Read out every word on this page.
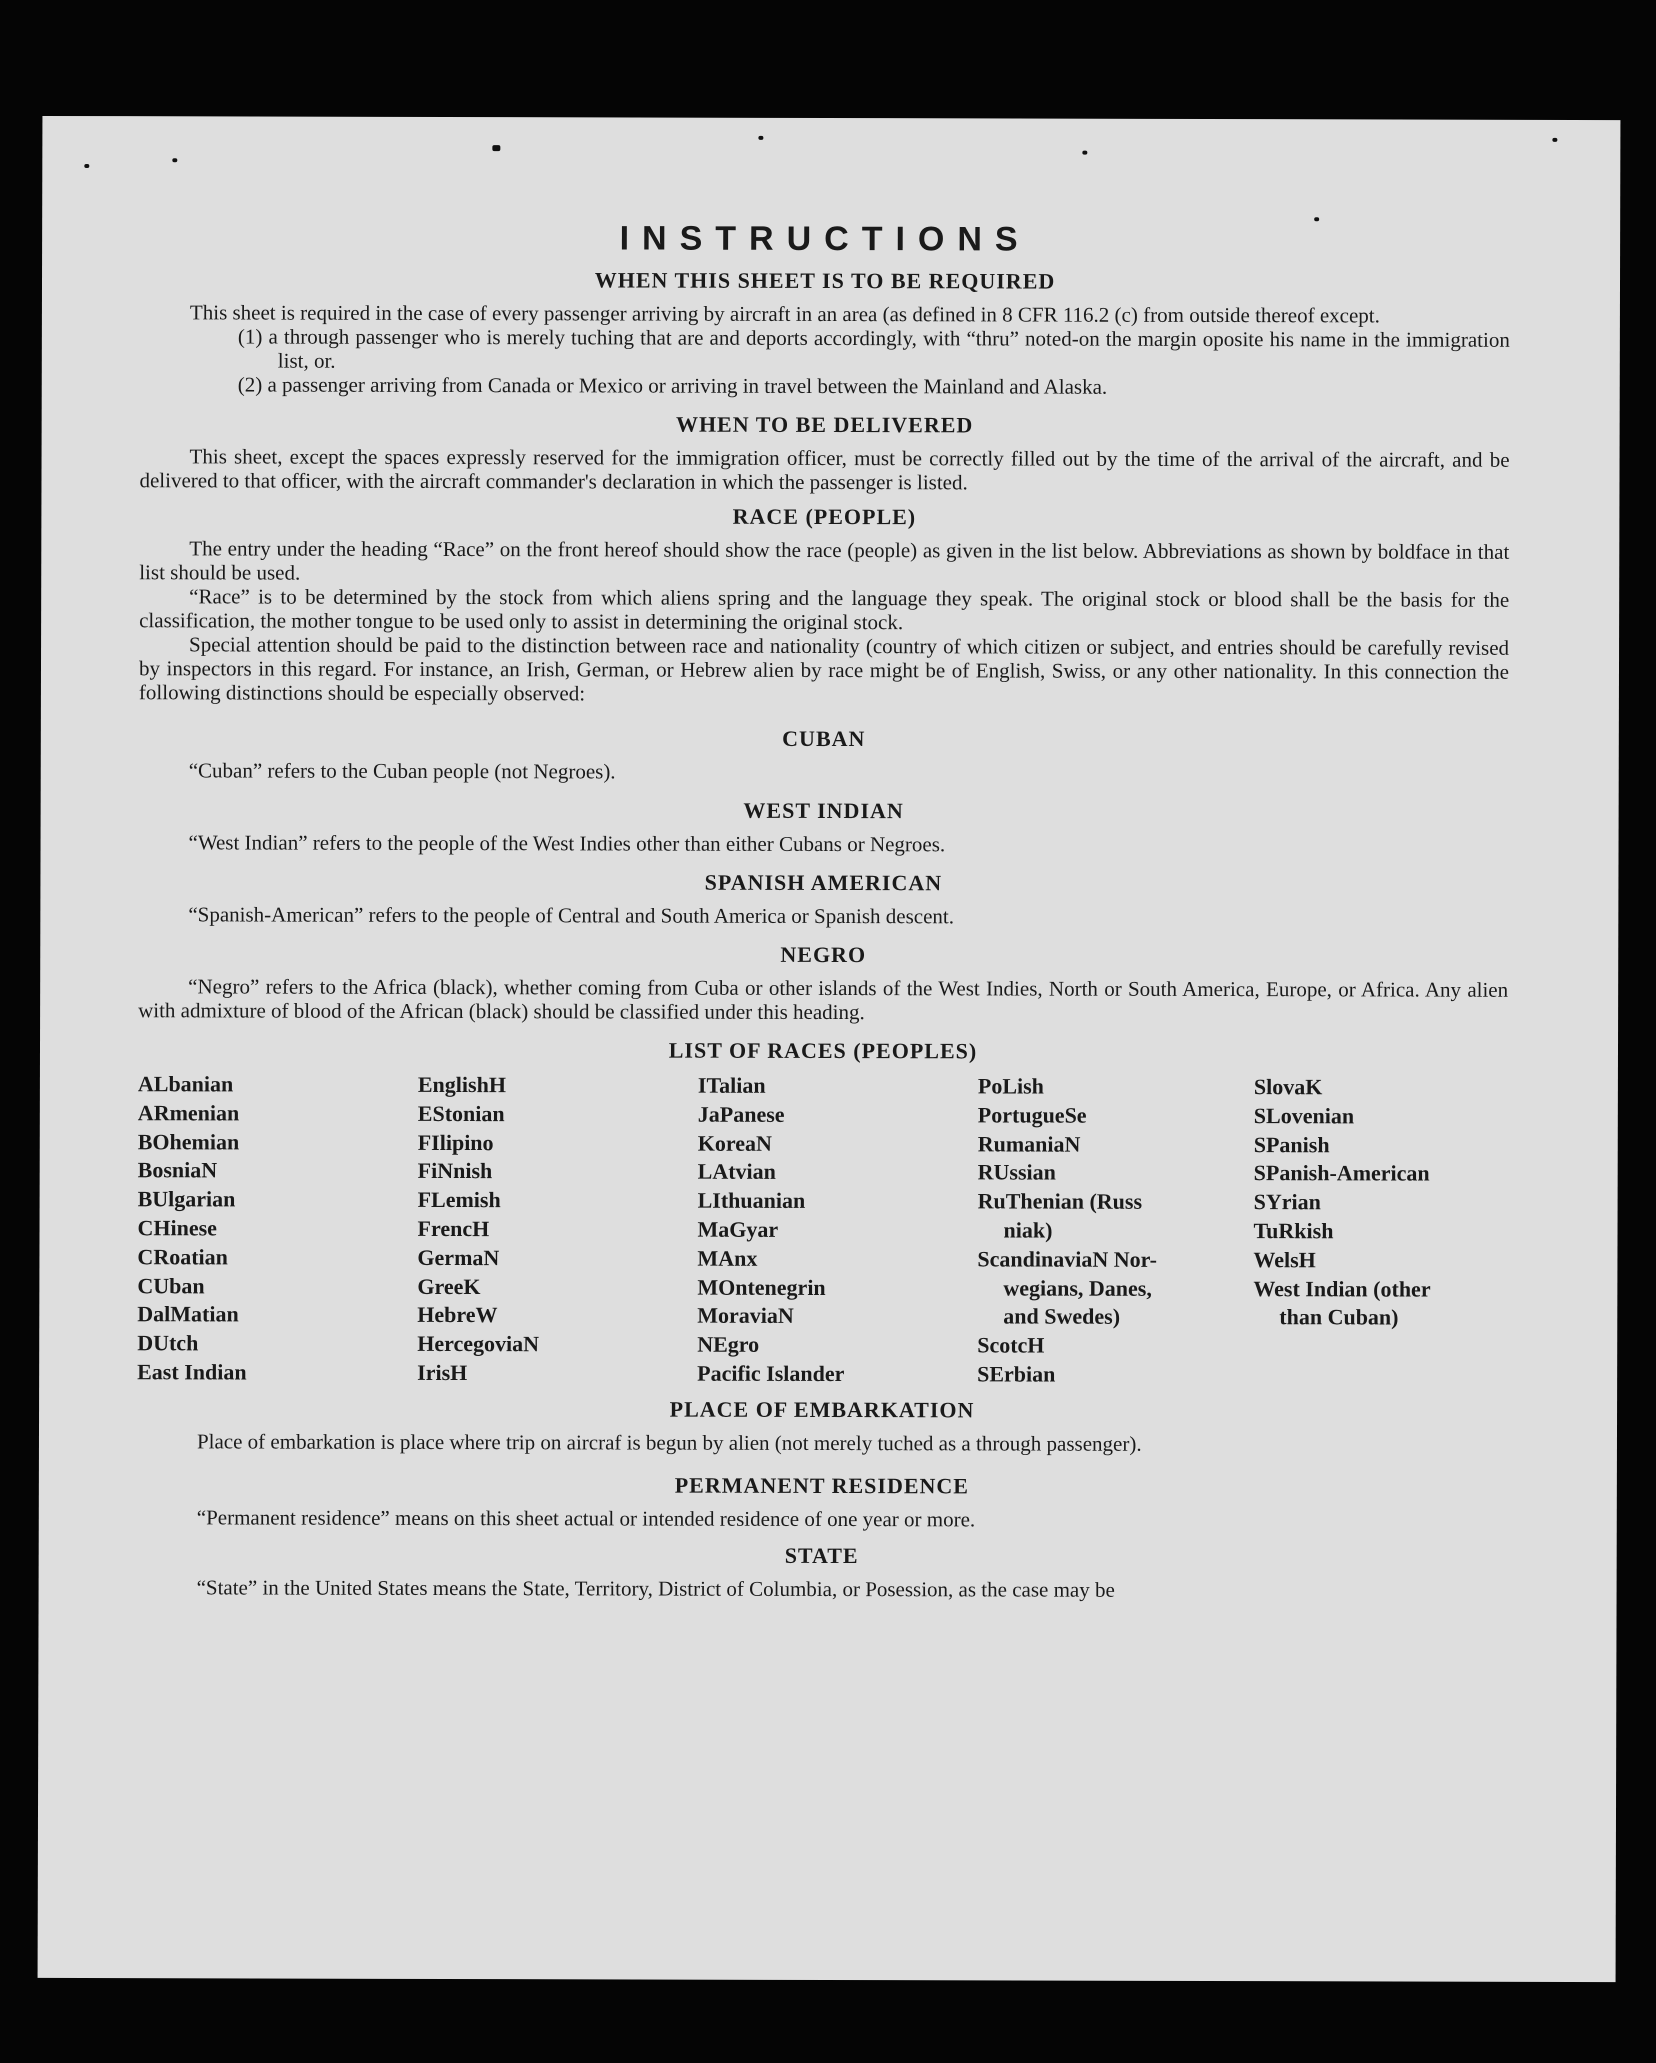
INSTRUCTIONS
WHEN THIS SHEET IS TO BE REQUIRED

This sheet is required in the case of every passenger arriving by aircraft in an area (as defined in 8 CFR 116.2 (c) from outside thereof except.

(1) a through passenger who is merely tuching that are and deports accordingly, with “thru” noted-on the margin oposite his name in the immigration list, or.

(2) a passenger arriving from Canada or Mexico or arriving in travel between the Mainland and Alaska.

WHEN TO BE DELIVERED

This sheet, except the spaces expressly reserved for the immigration officer, must be correctly filled out by the time of the arrival of the aircraft, and be delivered to that officer, with the aircraft commander's declaration in which the passenger is listed.

RACE (PEOPLE)

The entry under the heading “Race” on the front hereof should show the race (people) as given in the list below. Abbreviations as shown by boldface in that list should be used.

“Race” is to be determined by the stock from which aliens spring and the language they speak. The original stock or blood shall be the basis for the classification, the mother tongue to be used only to assist in determining the original stock.

Special attention should be paid to the distinction between race and nationality (country of which citizen or subject, and entries should be carefully revised by inspectors in this regard. For instance, an Irish, German, or Hebrew alien by race might be of English, Swiss, or any other nationality. In this connection the following distinctions should be especially observed:

CUBAN

“Cuban” refers to the Cuban people (not Negroes).

WEST INDIAN

“West Indian” refers to the people of the West Indies other than either Cubans or Negroes.

SPANISH AMERICAN

“Spanish-American” refers to the people of Central and South America or Spanish descent.

NEGRO

“Negro” refers to the Africa (black), whether coming from Cuba or other islands of the West Indies, North or South America, Europe, or Africa. Any alien with admixture of blood of the African (black) should be classified under this heading.

LIST OF RACES (PEOPLES)
ALbanian
ARmenian
BOhemian
BosniaN
BUlgarian
CHinese
CRoatian
CUban
DalMatian
DUtch
East Indian
EnglishH
EStonian
FIlipino
FiNnish
FLemish
FrencH
GermaN
GreeK
HebreW
HercegoviaN
IrisH
ITalian
JaPanese
KoreaN
LAtvian
LIthuanian
MaGyar
MAnx
MOntenegrin
MoraviaN
NEgro
Pacific Islander
PoLish
PortugueSe
RumaniaN
RUssian
RuThenian (Russ
niak)
ScandinaviaN Nor-
wegians, Danes,
and Swedes)
ScotcH
SErbian
SlovaK
SLovenian
SPanish
SPanish-American
SYrian
TuRkish
WelsH
West Indian (other
than Cuban)
PLACE OF EMBARKATION

Place of embarkation is place where trip on aircraf is begun by alien (not merely tuched as a through passenger).

PERMANENT RESIDENCE

“Permanent residence” means on this sheet actual or intended residence of one year or more.

STATE

“State” in the United States means the State, Territory, District of Columbia, or Posession, as the case may be
